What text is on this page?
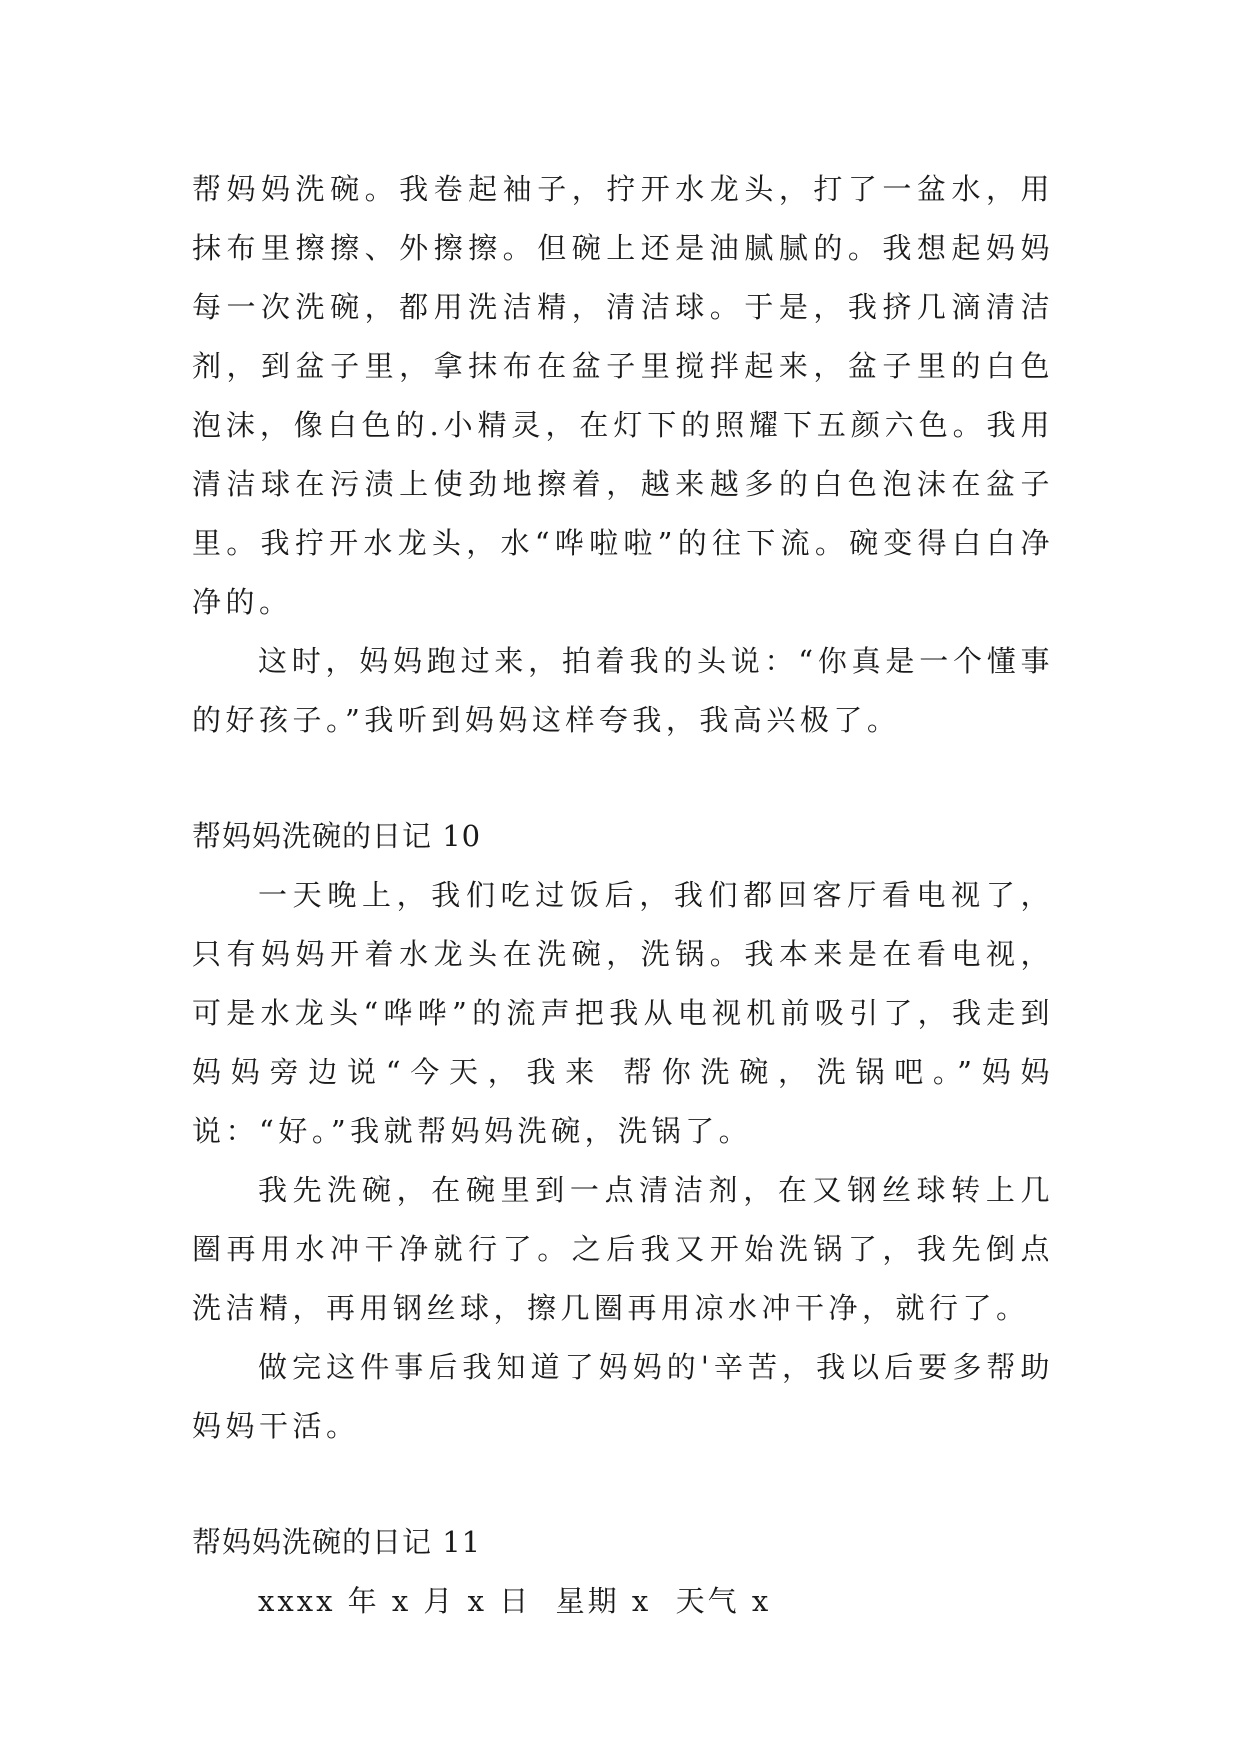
帮妈妈洗碗。我卷起袖子，拧开水龙头，打了一盆水，用抹布里擦擦、外擦擦。但碗上还是油腻腻的。我想起妈妈每一次洗碗，都用洗洁精，清洁球。于是，我挤几滴清洁剂，到盆子里，拿抹布在盆子里搅拌起来，盆子里的白色泡沫，像白色的.小精灵，在灯下的照耀下五颜六色。我用清洁球在污渍上使劲地擦着，越来越多的白色泡沫在盆子里。我拧开水龙头，水“哗啦啦”的往下流。碗变得白白净净的。

这时，妈妈跑过来，拍着我的头说：“你真是一个懂事的好孩子。”我听到妈妈这样夸我，我高兴极了。

帮妈妈洗碗的日记 10

一天晚上，我们吃过饭后，我们都回客厅看电视了，只有妈妈开着水龙头在洗碗，洗锅。我本来是在看电视，可是水龙头“哗哗”的流声把我从电视机前吸引了，我走到妈妈旁边说“今天，我来 帮你洗碗，洗锅吧。”妈妈说：“好。”我就帮妈妈洗碗，洗锅了。

我先洗碗，在碗里到一点清洁剂，在又钢丝球转上几圈再用水冲干净就行了。之后我又开始洗锅了，我先倒点洗洁精，再用钢丝球，擦几圈再用凉水冲干净，就行了。

做完这件事后我知道了妈妈的'辛苦，我以后要多帮助妈妈干活。

帮妈妈洗碗的日记 11

xxxx 年 x 月 x 日  星期 x  天气 x
